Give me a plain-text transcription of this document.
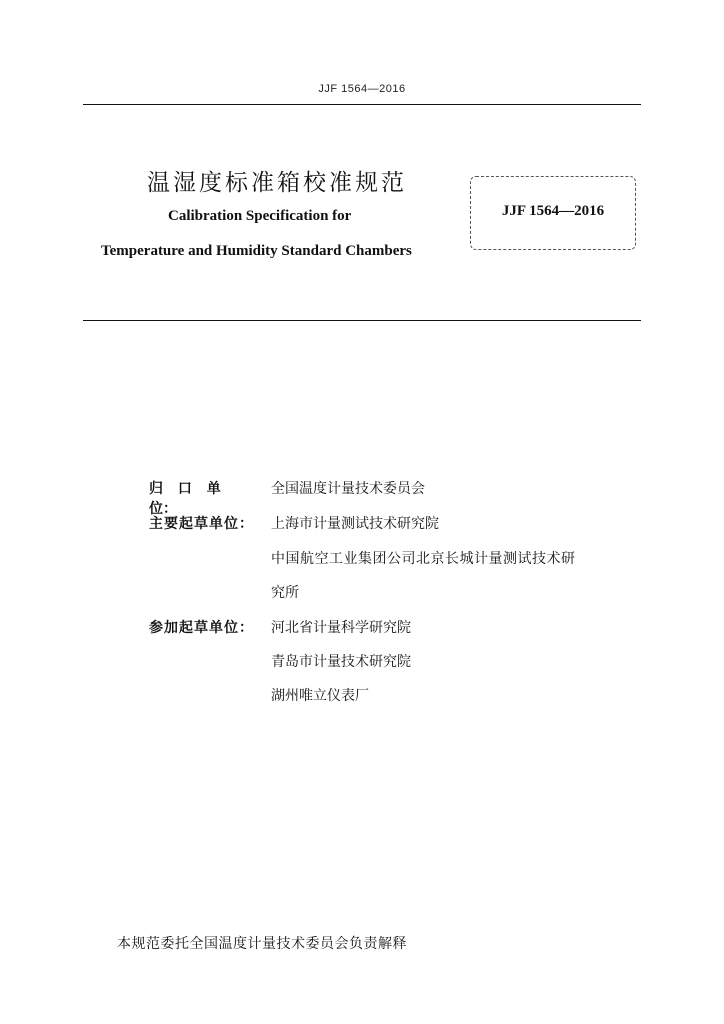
JJF 1564—2016
温湿度标准箱校准规范
Calibration Specification for
Temperature and Humidity Standard Chambers
JJF 1564—2016
归 口 单 位：
全国温度计量技术委员会
主要起草单位： 上海市计量测试技术研究院
中国航空工业集团公司北京长城计量测试技术研
究所
参加起草单位： 河北省计量科学研究院
青岛市计量技术研究院
湖州唯立仪表厂
本规范委托全国温度计量技术委员会负责解释
